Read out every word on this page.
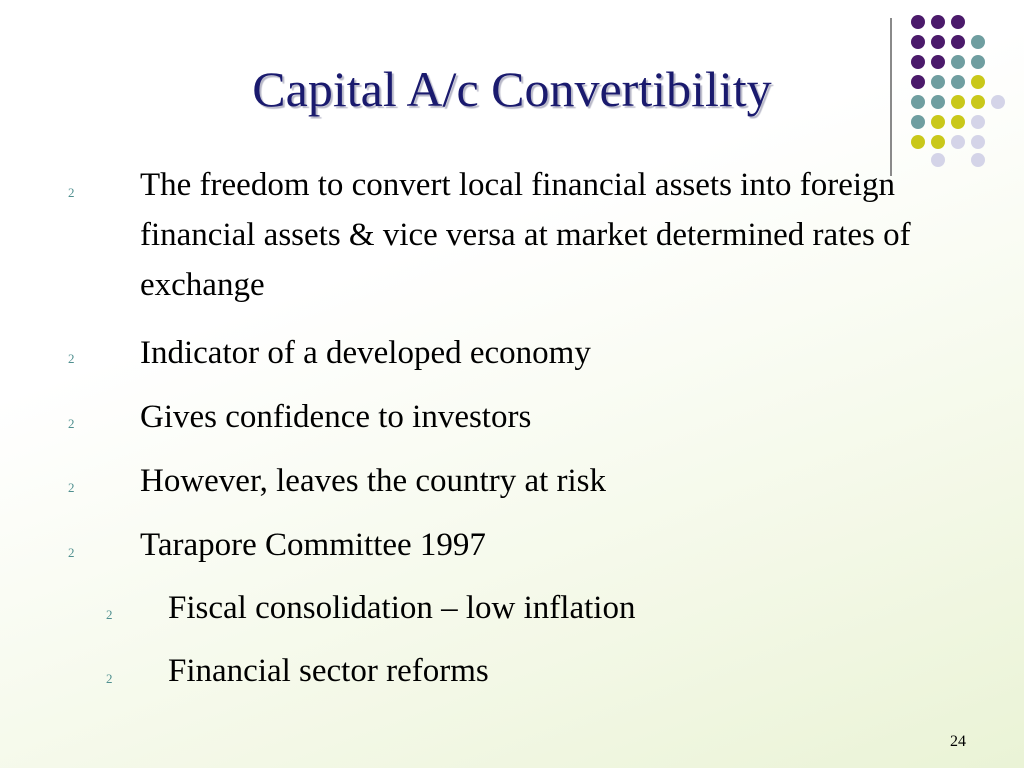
Capital A/c Convertibility
2 The freedom to convert local financial assets into foreign financial assets & vice versa at market determined rates of exchange
2 Indicator of a developed economy
2 Gives confidence to investors
2 However, leaves the country at risk
2 Tarapore Committee 1997
2 Fiscal consolidation – low inflation
2 Financial sector reforms
24
